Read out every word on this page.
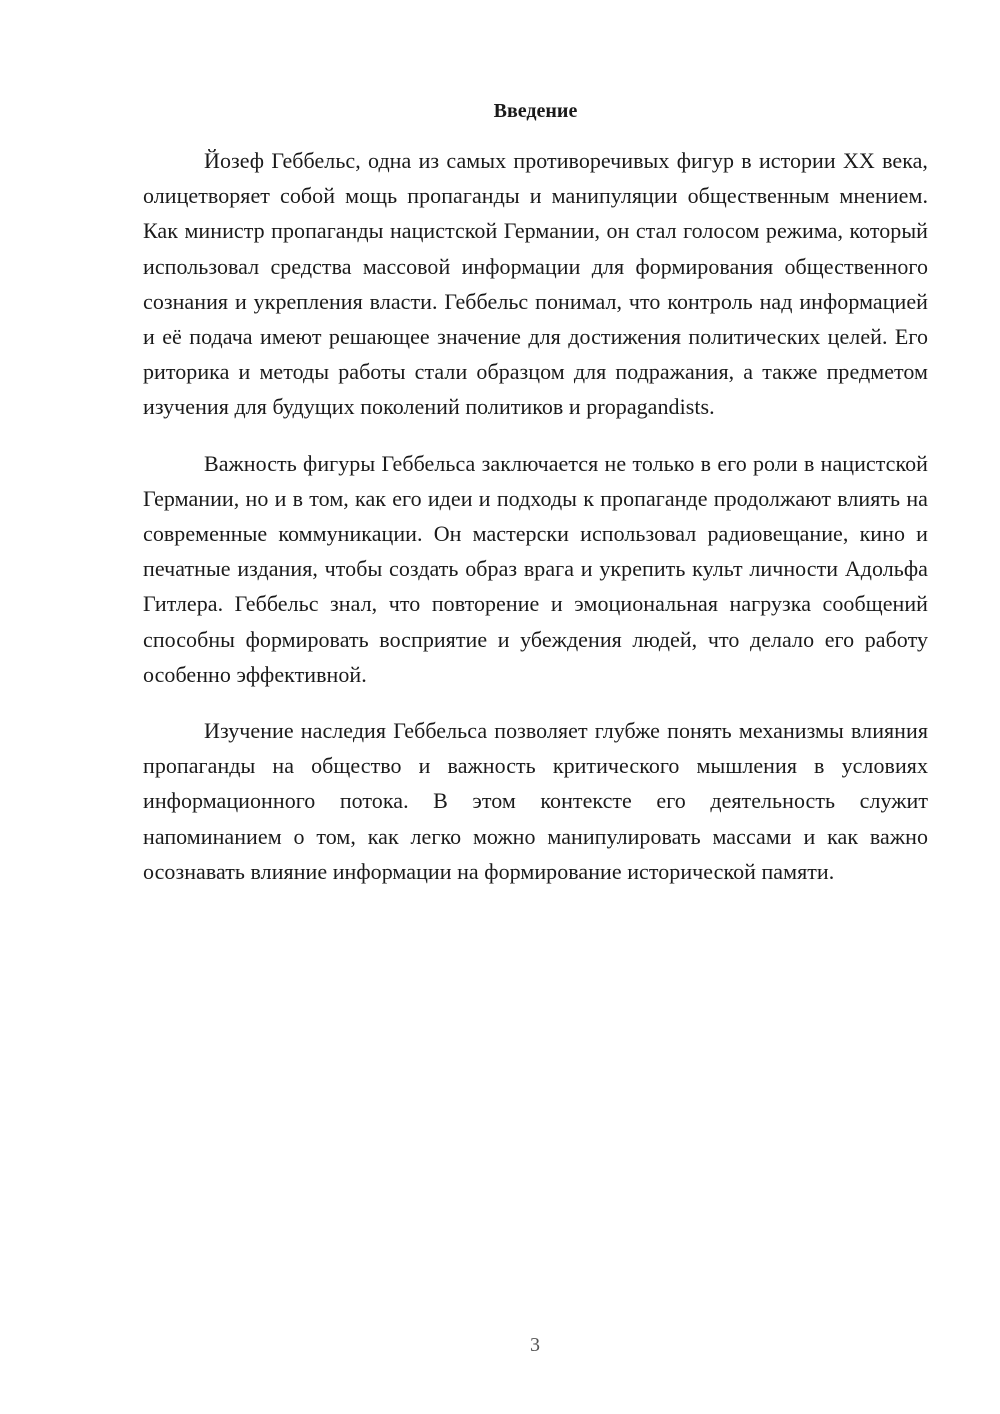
Введение

Йозеф Геббельс, одна из самых противоречивых фигур в истории XX века, олицетворяет собой мощь пропаганды и манипуляции общественным мнением. Как министр пропаганды нацистской Германии, он стал голосом режима, который использовал средства массовой информации для формирования общественного сознания и укрепления власти. Геббельс понимал, что контроль над информацией и её подача имеют решающее значение для достижения политических целей. Его риторика и методы работы стали образцом для подражания, а также предметом изучения для будущих поколений политиков и propagandists.

Важность фигуры Геббельса заключается не только в его роли в нацистской Германии, но и в том, как его идеи и подходы к пропаганде продолжают влиять на современные коммуникации. Он мастерски использовал радиовещание, кино и печатные издания, чтобы создать образ врага и укрепить культ личности Адольфа Гитлера. Геббельс знал, что повторение и эмоциональная нагрузка сообщений способны формировать восприятие и убеждения людей, что делало его работу особенно эффективной.

Изучение наследия Геббельса позволяет глубже понять механизмы влияния пропаганды на общество и важность критического мышления в условиях информационного потока. В этом контексте его деятельность служит напоминанием о том, как легко можно манипулировать массами и как важно осознавать влияние информации на формирование исторической памяти.

3
